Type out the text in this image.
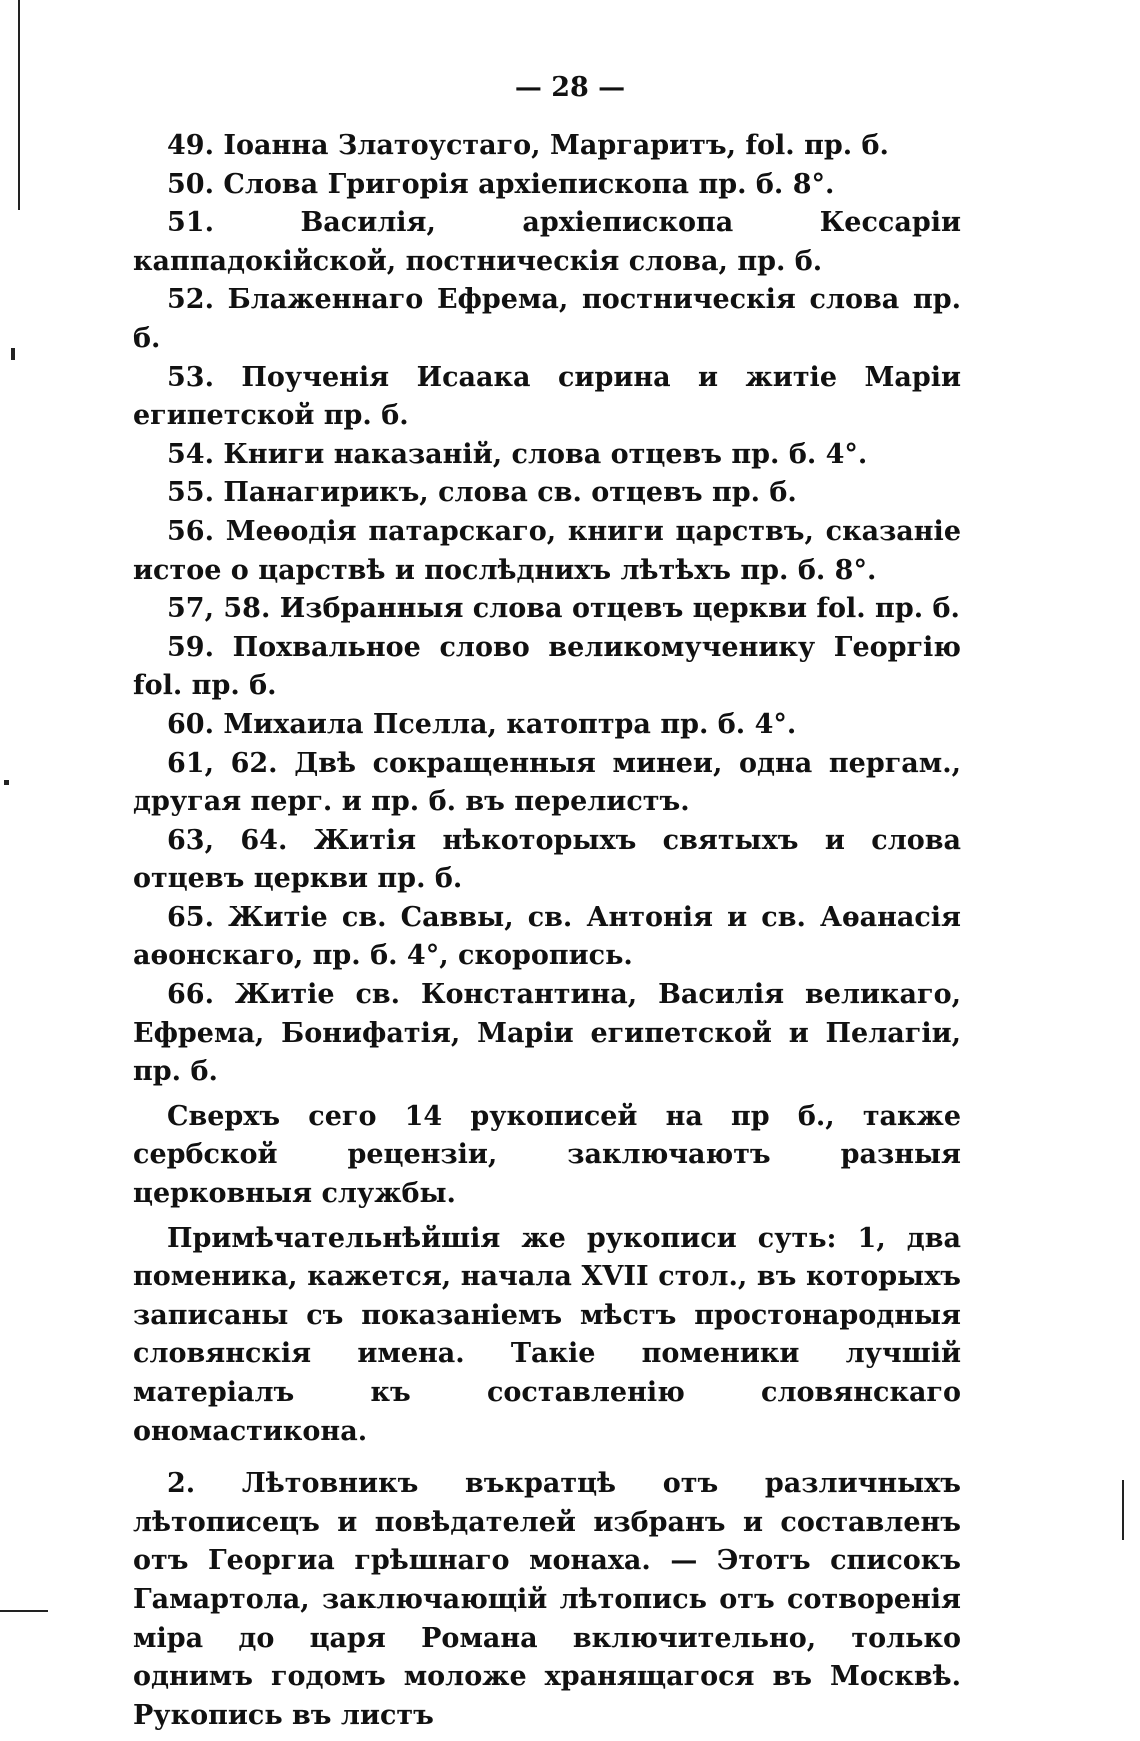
— 28 —

49. Іоанна Златоустаго, Маргаритъ, fol. пр. б.

50. Слова Григорія архіепископа пр. б. 8°.

51. Василія, архіепископа Кессаріи каппадокійской, постническія слова, пр. б.

52. Блаженнаго Ефрема, постническія слова пр. б.

53. Поученія Исаака сирина и житіе Маріи египетской пр. б.

54. Книги наказаній, слова отцевъ пр. б. 4°.

55. Панагирикъ, слова св. отцевъ пр. б.

56. Меѳодія патарскаго, книги царствъ, сказаніе истое о царствѣ и послѣднихъ лѣтѣхъ пр. б. 8°.

57, 58. Избранныя слова отцевъ церкви fol. пр. б.

59. Похвальное слово великомученику Георгію fol. пр. б.

60. Михаила Пселла, катоптра пр. б. 4°.

61, 62. Двѣ сокращенныя минеи, одна пергам., другая перг. и пр. б. въ перелистъ.

63, 64. Житія нѣкоторыхъ святыхъ и слова отцевъ церкви пр. б.

65. Житіе св. Саввы, св. Антонія и св. Аѳанасія аѳонскаго, пр. б. 4°, скоропись.

66. Житіе св. Константина, Василія великаго, Ефрема, Бонифатія, Маріи египетской и Пелагіи, пр. б.

Сверхъ сего 14 рукописей на пр б., также сербской рецензіи, заключаютъ разныя церковныя службы.

Примѣчательнѣйшія же рукописи суть: 1, два поменика, кажется, начала XVII стол., въ которыхъ записаны съ показаніемъ мѣстъ простонародныя словянскія имена. Такіе поменики лучшій матеріалъ къ составленію словянскаго ономастикона.

2. Лѣтовникъ въкратцѣ отъ различныхъ лѣтописецъ и повѣдателей избранъ и составленъ отъ Георгиа грѣшнаго монаха. — Этотъ списокъ Гамартола, заключающій лѣтопись отъ сотворенія міра до царя Романа включительно, только однимъ годомъ моложе хранящагося въ Москвѣ. Рукопись въ листъ
